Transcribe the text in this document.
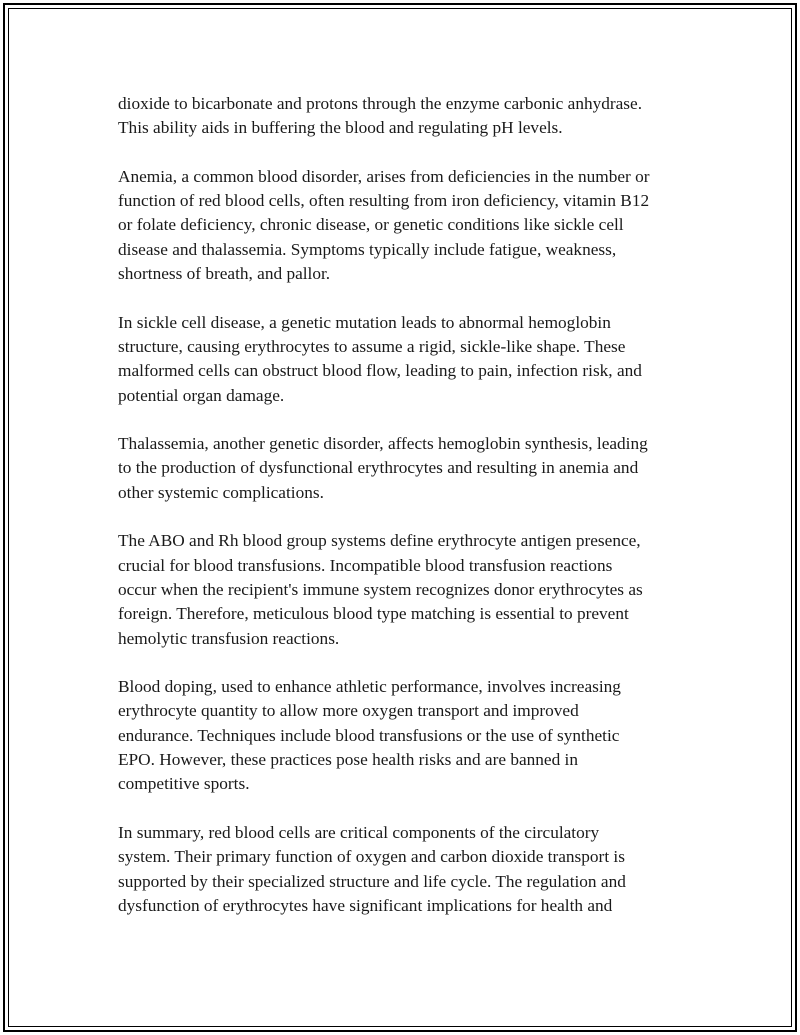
dioxide to bicarbonate and protons through the enzyme carbonic anhydrase.
This ability aids in buffering the blood and regulating pH levels.

Anemia, a common blood disorder, arises from deficiencies in the number or
function of red blood cells, often resulting from iron deficiency, vitamin B12
or folate deficiency, chronic disease, or genetic conditions like sickle cell
disease and thalassemia. Symptoms typically include fatigue, weakness,
shortness of breath, and pallor.

In sickle cell disease, a genetic mutation leads to abnormal hemoglobin
structure, causing erythrocytes to assume a rigid, sickle-like shape. These
malformed cells can obstruct blood flow, leading to pain, infection risk, and
potential organ damage.

Thalassemia, another genetic disorder, affects hemoglobin synthesis, leading
to the production of dysfunctional erythrocytes and resulting in anemia and
other systemic complications.

The ABO and Rh blood group systems define erythrocyte antigen presence,
crucial for blood transfusions. Incompatible blood transfusion reactions
occur when the recipient's immune system recognizes donor erythrocytes as
foreign. Therefore, meticulous blood type matching is essential to prevent
hemolytic transfusion reactions.

Blood doping, used to enhance athletic performance, involves increasing
erythrocyte quantity to allow more oxygen transport and improved
endurance. Techniques include blood transfusions or the use of synthetic
EPO. However, these practices pose health risks and are banned in
competitive sports.

In summary, red blood cells are critical components of the circulatory
system. Their primary function of oxygen and carbon dioxide transport is
supported by their specialized structure and life cycle. The regulation and
dysfunction of erythrocytes have significant implications for health and
